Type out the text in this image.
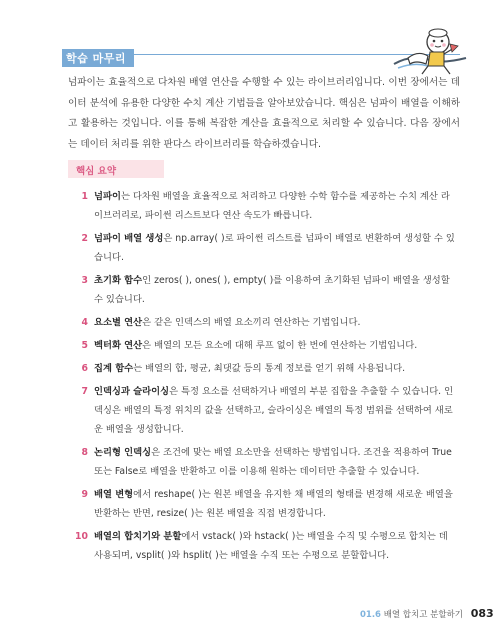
학습 마무리
넘파이는 효율적으로 다차원 배열 연산을 수행할 수 있는 라이브러리입니다. 이번 장에서는 데이터 분석에 유용한 다양한 수치 계산 기법들을 알아보았습니다. 핵심은 넘파이 배열을 이해하고 활용하는 것입니다. 이를 통해 복잡한 계산을 효율적으로 처리할 수 있습니다. 다음 장에서는 데이터 처리를 위한 판다스 라이브러리를 학습하겠습니다.
핵심 요약
1 넘파이는 다차원 배열을 효율적으로 처리하고 다양한 수학 함수를 제공하는 수치 계산 라이브러리로, 파이썬 리스트보다 연산 속도가 빠릅니다.
2 넘파이 배열 생성은 np.array( )로 파이썬 리스트를 넘파이 배열로 변환하여 생성할 수 있습니다.
3 초기화 함수인 zeros( ), ones( ), empty( )를 이용하여 초기화된 넘파이 배열을 생성할 수 있습니다.
4 요소별 연산은 같은 인덱스의 배열 요소끼리 연산하는 기법입니다.
5 벡터화 연산은 배열의 모든 요소에 대해 루프 없이 한 번에 연산하는 기법입니다.
6 집계 함수는 배열의 합, 평균, 최댓값 등의 통계 정보를 얻기 위해 사용됩니다.
7 인덱싱과 슬라이싱은 특정 요소를 선택하거나 배열의 부분 집합을 추출할 수 있습니다. 인덱싱은 배열의 특정 위치의 값을 선택하고, 슬라이싱은 배열의 특정 범위를 선택하여 새로운 배열을 생성합니다.
8 논리형 인덱싱은 조건에 맞는 배열 요소만을 선택하는 방법입니다. 조건을 적용하여 True 또는 False로 배열을 반환하고 이를 이용해 원하는 데이터만 추출할 수 있습니다.
9 배열 변형에서 reshape( )는 원본 배열을 유지한 채 배열의 형태를 변경해 새로운 배열을 반환하는 반면, resize( )는 원본 배열을 직접 변경합니다.
10 배열의 합치기와 분할에서 vstack( )와 hstack( )는 배열을 수직 및 수평으로 합치는 데 사용되며, vsplit( )와 hsplit( )는 배열을 수직 또는 수평으로 분할합니다.
01.6 배열 합치고 분할하기 083
